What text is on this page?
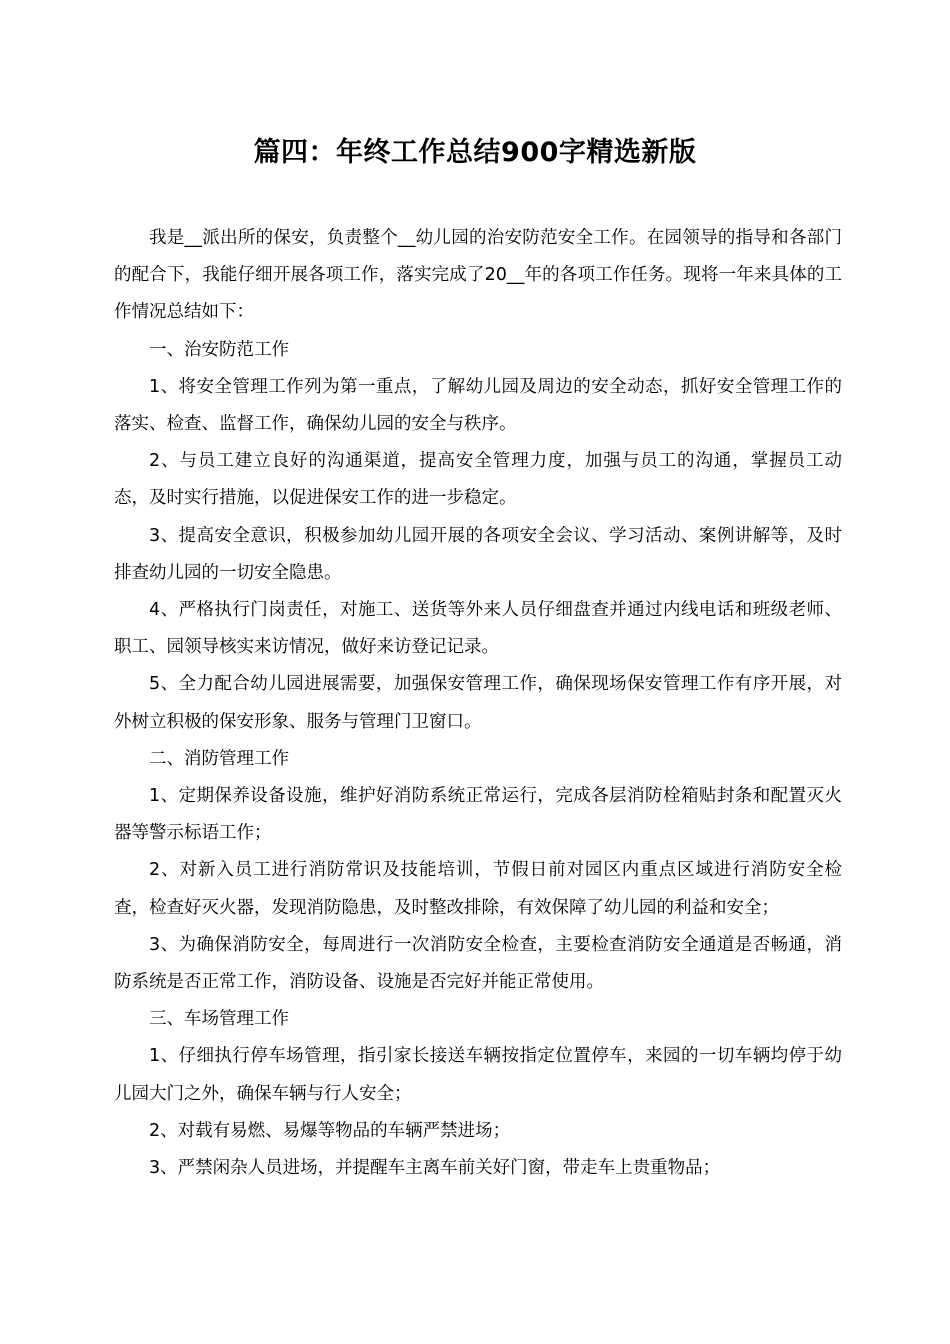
篇四：年终工作总结900字精选新版

我是__派出所的保安，负责整个__幼儿园的治安防范安全工作。在园领导的指导和各部门的配合下，我能仔细开展各项工作，落实完成了20__年的各项工作任务。现将一年来具体的工作情况总结如下：

一、治安防范工作

1、将安全管理工作列为第一重点，了解幼儿园及周边的安全动态，抓好安全管理工作的落实、检查、监督工作，确保幼儿园的安全与秩序。

2、与员工建立良好的沟通渠道，提高安全管理力度，加强与员工的沟通，掌握员工动态，及时实行措施，以促进保安工作的进一步稳定。

3、提高安全意识，积极参加幼儿园开展的各项安全会议、学习活动、案例讲解等，及时排查幼儿园的一切安全隐患。

4、严格执行门岗责任，对施工、送货等外来人员仔细盘查并通过内线电话和班级老师、职工、园领导核实来访情况，做好来访登记记录。

5、全力配合幼儿园进展需要，加强保安管理工作，确保现场保安管理工作有序开展，对外树立积极的保安形象、服务与管理门卫窗口。

二、消防管理工作

1、定期保养设备设施，维护好消防系统正常运行，完成各层消防栓箱贴封条和配置灭火器等警示标语工作；

2、对新入员工进行消防常识及技能培训，节假日前对园区内重点区域进行消防安全检查，检查好灭火器，发现消防隐患，及时整改排除，有效保障了幼儿园的利益和安全；

3、为确保消防安全，每周进行一次消防安全检查，主要检查消防安全通道是否畅通，消防系统是否正常工作，消防设备、设施是否完好并能正常使用。

三、车场管理工作

1、仔细执行停车场管理，指引家长接送车辆按指定位置停车，来园的一切车辆均停于幼儿园大门之外，确保车辆与行人安全；

2、对载有易燃、易爆等物品的车辆严禁进场；

3、严禁闲杂人员进场，并提醒车主离车前关好门窗，带走车上贵重物品；
